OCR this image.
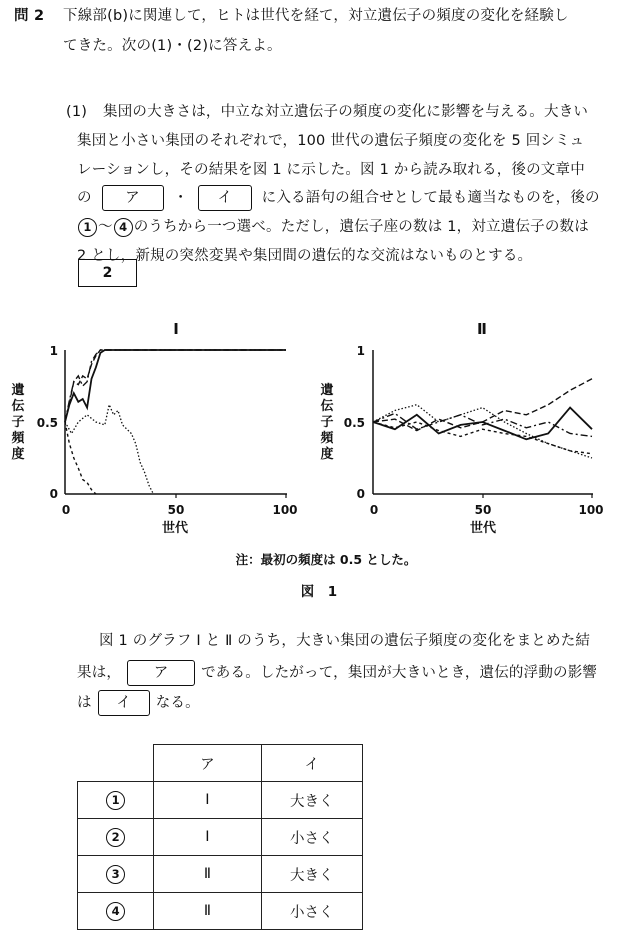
問 2 下線部(b)に関連して，ヒトは世代を経て，対立遺伝子の頻度の変化を経験し
てきた。次の(1)・(2)に答えよ。
(1) 集団の大きさは，中立な対立遺伝子の頻度の変化に影響を与える。大きい
集団と小さい集団のそれぞれで，100 世代の遺伝子頻度の変化を 5 回シミュ
レーションし，その結果を図 1 に示した。図 1 から読み取れる，後の文章中
の ア ・ イ に入る語句の組合せとして最も適当なものを，後の
1 〜 4 のうちから一つ選べ。ただし，遺伝子座の数は 1，対立遺伝子の数は
2 とし，新規の突然変異や集団間の遺伝的な交流はないものとする。
2
Ⅰ
遺
伝
子
頻
度
1
0.5
0
0	50	100
世代
Ⅱ
遺
伝
子
頻
度
1
0.5
0
0	50	100
世代
注：最初の頻度は 0.5 とした。
図　1
図 1 のグラフ Ⅰ と Ⅱ のうち，大きい集団の遺伝子頻度の変化をまとめた結
果は， ア である。したがって，集団が大きいとき，遺伝的浮動の影響
は イ なる。
	ア	イ
1	Ⅰ	大きく
2	Ⅰ	小さく
3	Ⅱ	大きく
4	Ⅱ	小さく
